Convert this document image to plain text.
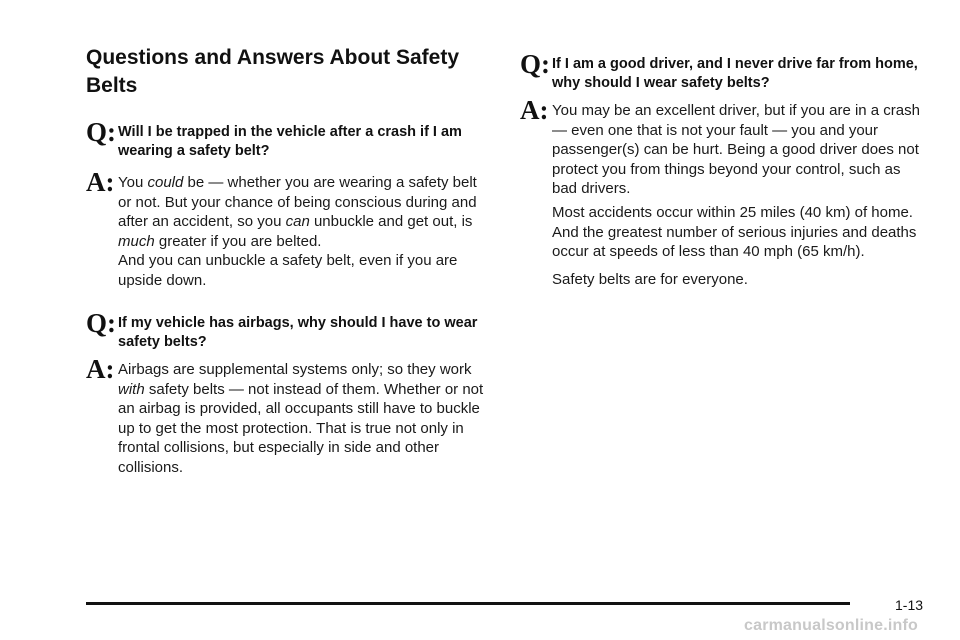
Questions and Answers About Safety Belts
Q: Will I be trapped in the vehicle after a crash if I am wearing a safety belt?
A: You could be — whether you are wearing a safety belt or not. But your chance of being conscious during and after an accident, so you can unbuckle and get out, is much greater if you are belted.

And you can unbuckle a safety belt, even if you are upside down.

Q: If my vehicle has airbags, why should I have to wear safety belts?
A: Airbags are supplemental systems only; so they work with safety belts — not instead of them. Whether or not an airbag is provided, all occupants still have to buckle up to get the most protection. That is true not only in frontal collisions, but especially in side and other collisions.

Q: If I am a good driver, and I never drive far from home, why should I wear safety belts?
A: You may be an excellent driver, but if you are in a crash — even one that is not your fault — you and your passenger(s) can be hurt. Being a good driver does not protect you from things beyond your control, such as bad drivers.

Most accidents occur within 25 miles (40 km) of home. And the greatest number of serious injuries and deaths occur at speeds of less than 40 mph (65 km/h).

Safety belts are for everyone.

1-13
carmanualsonline.info
